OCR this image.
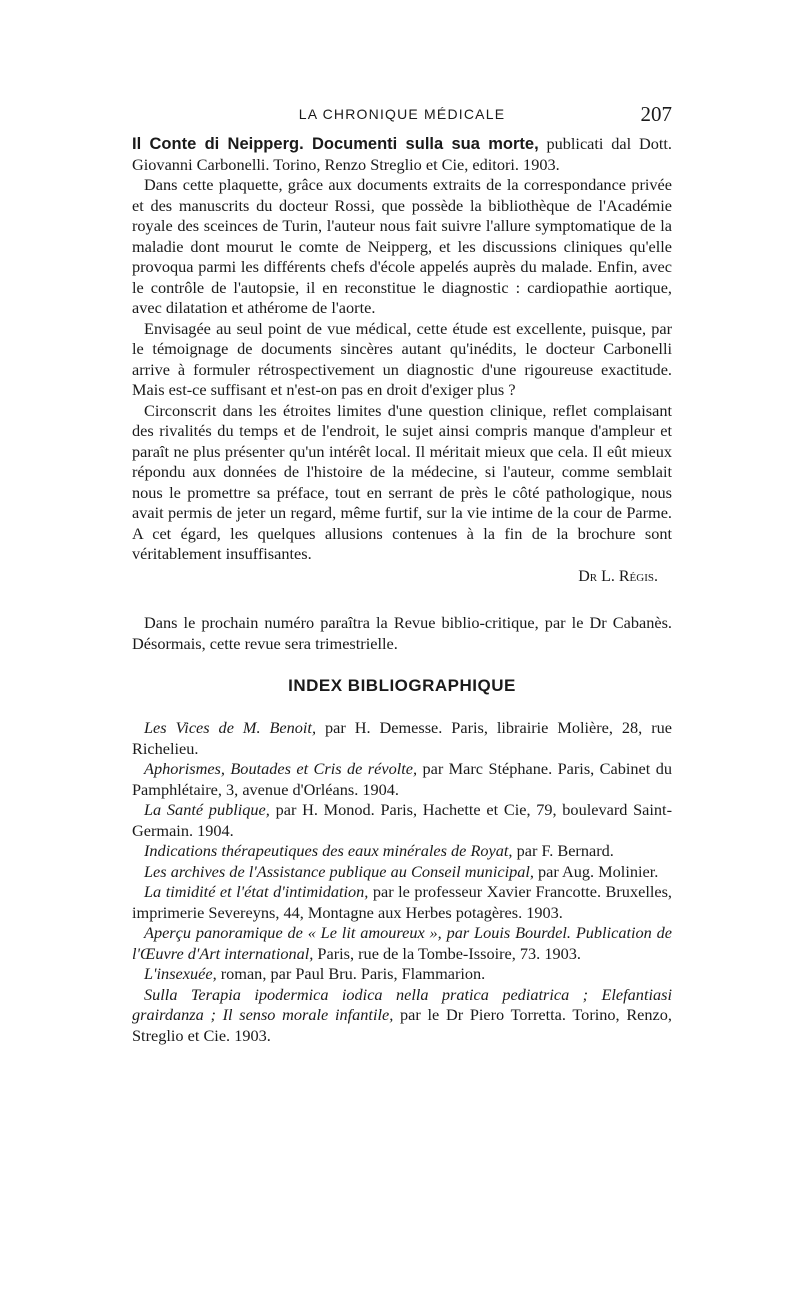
LA CHRONIQUE MÉDICALE	207

Il Conte di Neipperg. Documenti sulla sua morte, publicati dal Dott. Giovanni Carbonelli. Torino, Renzo Streglio et Cie, editori. 1903.

Dans cette plaquette, grâce aux documents extraits de la correspondance privée et des manuscrits du docteur Rossi, que possède la bibliothèque de l'Académie royale des sceinces de Turin, l'auteur nous fait suivre l'allure symptomatique de la maladie dont mourut le comte de Neipperg, et les discussions cliniques qu'elle provoqua parmi les différents chefs d'école appelés auprès du malade. Enfin, avec le contrôle de l'autopsie, il en reconstitue le diagnostic : cardiopathie aortique, avec dilatation et athérome de l'aorte.

Envisagée au seul point de vue médical, cette étude est excellente, puisque, par le témoignage de documents sincères autant qu'inédits, le docteur Carbonelli arrive à formuler rétrospectivement un diagnostic d'une rigoureuse exactitude. Mais est-ce suffisant et n'est-on pas en droit d'exiger plus ?

Circonscrit dans les étroites limites d'une question clinique, reflet complaisant des rivalités du temps et de l'endroit, le sujet ainsi compris manque d'ampleur et paraît ne plus présenter qu'un intérêt local. Il méritait mieux que cela. Il eût mieux répondu aux données de l'histoire de la médecine, si l'auteur, comme semblait nous le promettre sa préface, tout en serrant de près le côté pathologique, nous avait permis de jeter un regard, même furtif, sur la vie intime de la cour de Parme. A cet égard, les quelques allusions contenues à la fin de la brochure sont véritablement insuffisantes.

Dr L. Régis.

Dans le prochain numéro paraîtra la Revue biblio-critique, par le Dr Cabanès. Désormais, cette revue sera trimestrielle.

INDEX BIBLIOGRAPHIQUE

Les Vices de M. Benoit, par H. Demesse. Paris, librairie Molière, 28, rue Richelieu.

Aphorismes, Boutades et Cris de révolte, par Marc Stéphane. Paris, Cabinet du Pamphlétaire, 3, avenue d'Orléans. 1904.

La Santé publique, par H. Monod. Paris, Hachette et Cie, 79, boulevard Saint-Germain. 1904.

Indications thérapeutiques des eaux minérales de Royat, par F. Bernard.

Les archives de l'Assistance publique au Conseil municipal, par Aug. Molinier.

La timidité et l'état d'intimidation, par le professeur Xavier Francotte. Bruxelles, imprimerie Severeyns, 44, Montagne aux Herbes potagères. 1903.

Aperçu panoramique de « Le lit amoureux », par Louis Bourdel. Publication de l'Œuvre d'Art international, Paris, rue de la Tombe-Issoire, 73. 1903.

L'insexuée, roman, par Paul Bru. Paris, Flammarion.

Sulla Terapia ipodermica iodica nella pratica pediatrica ; Elefantiasi grairdanza ; Il senso morale infantile, par le Dr Piero Torretta. Torino, Renzo, Streglio et Cie. 1903.
